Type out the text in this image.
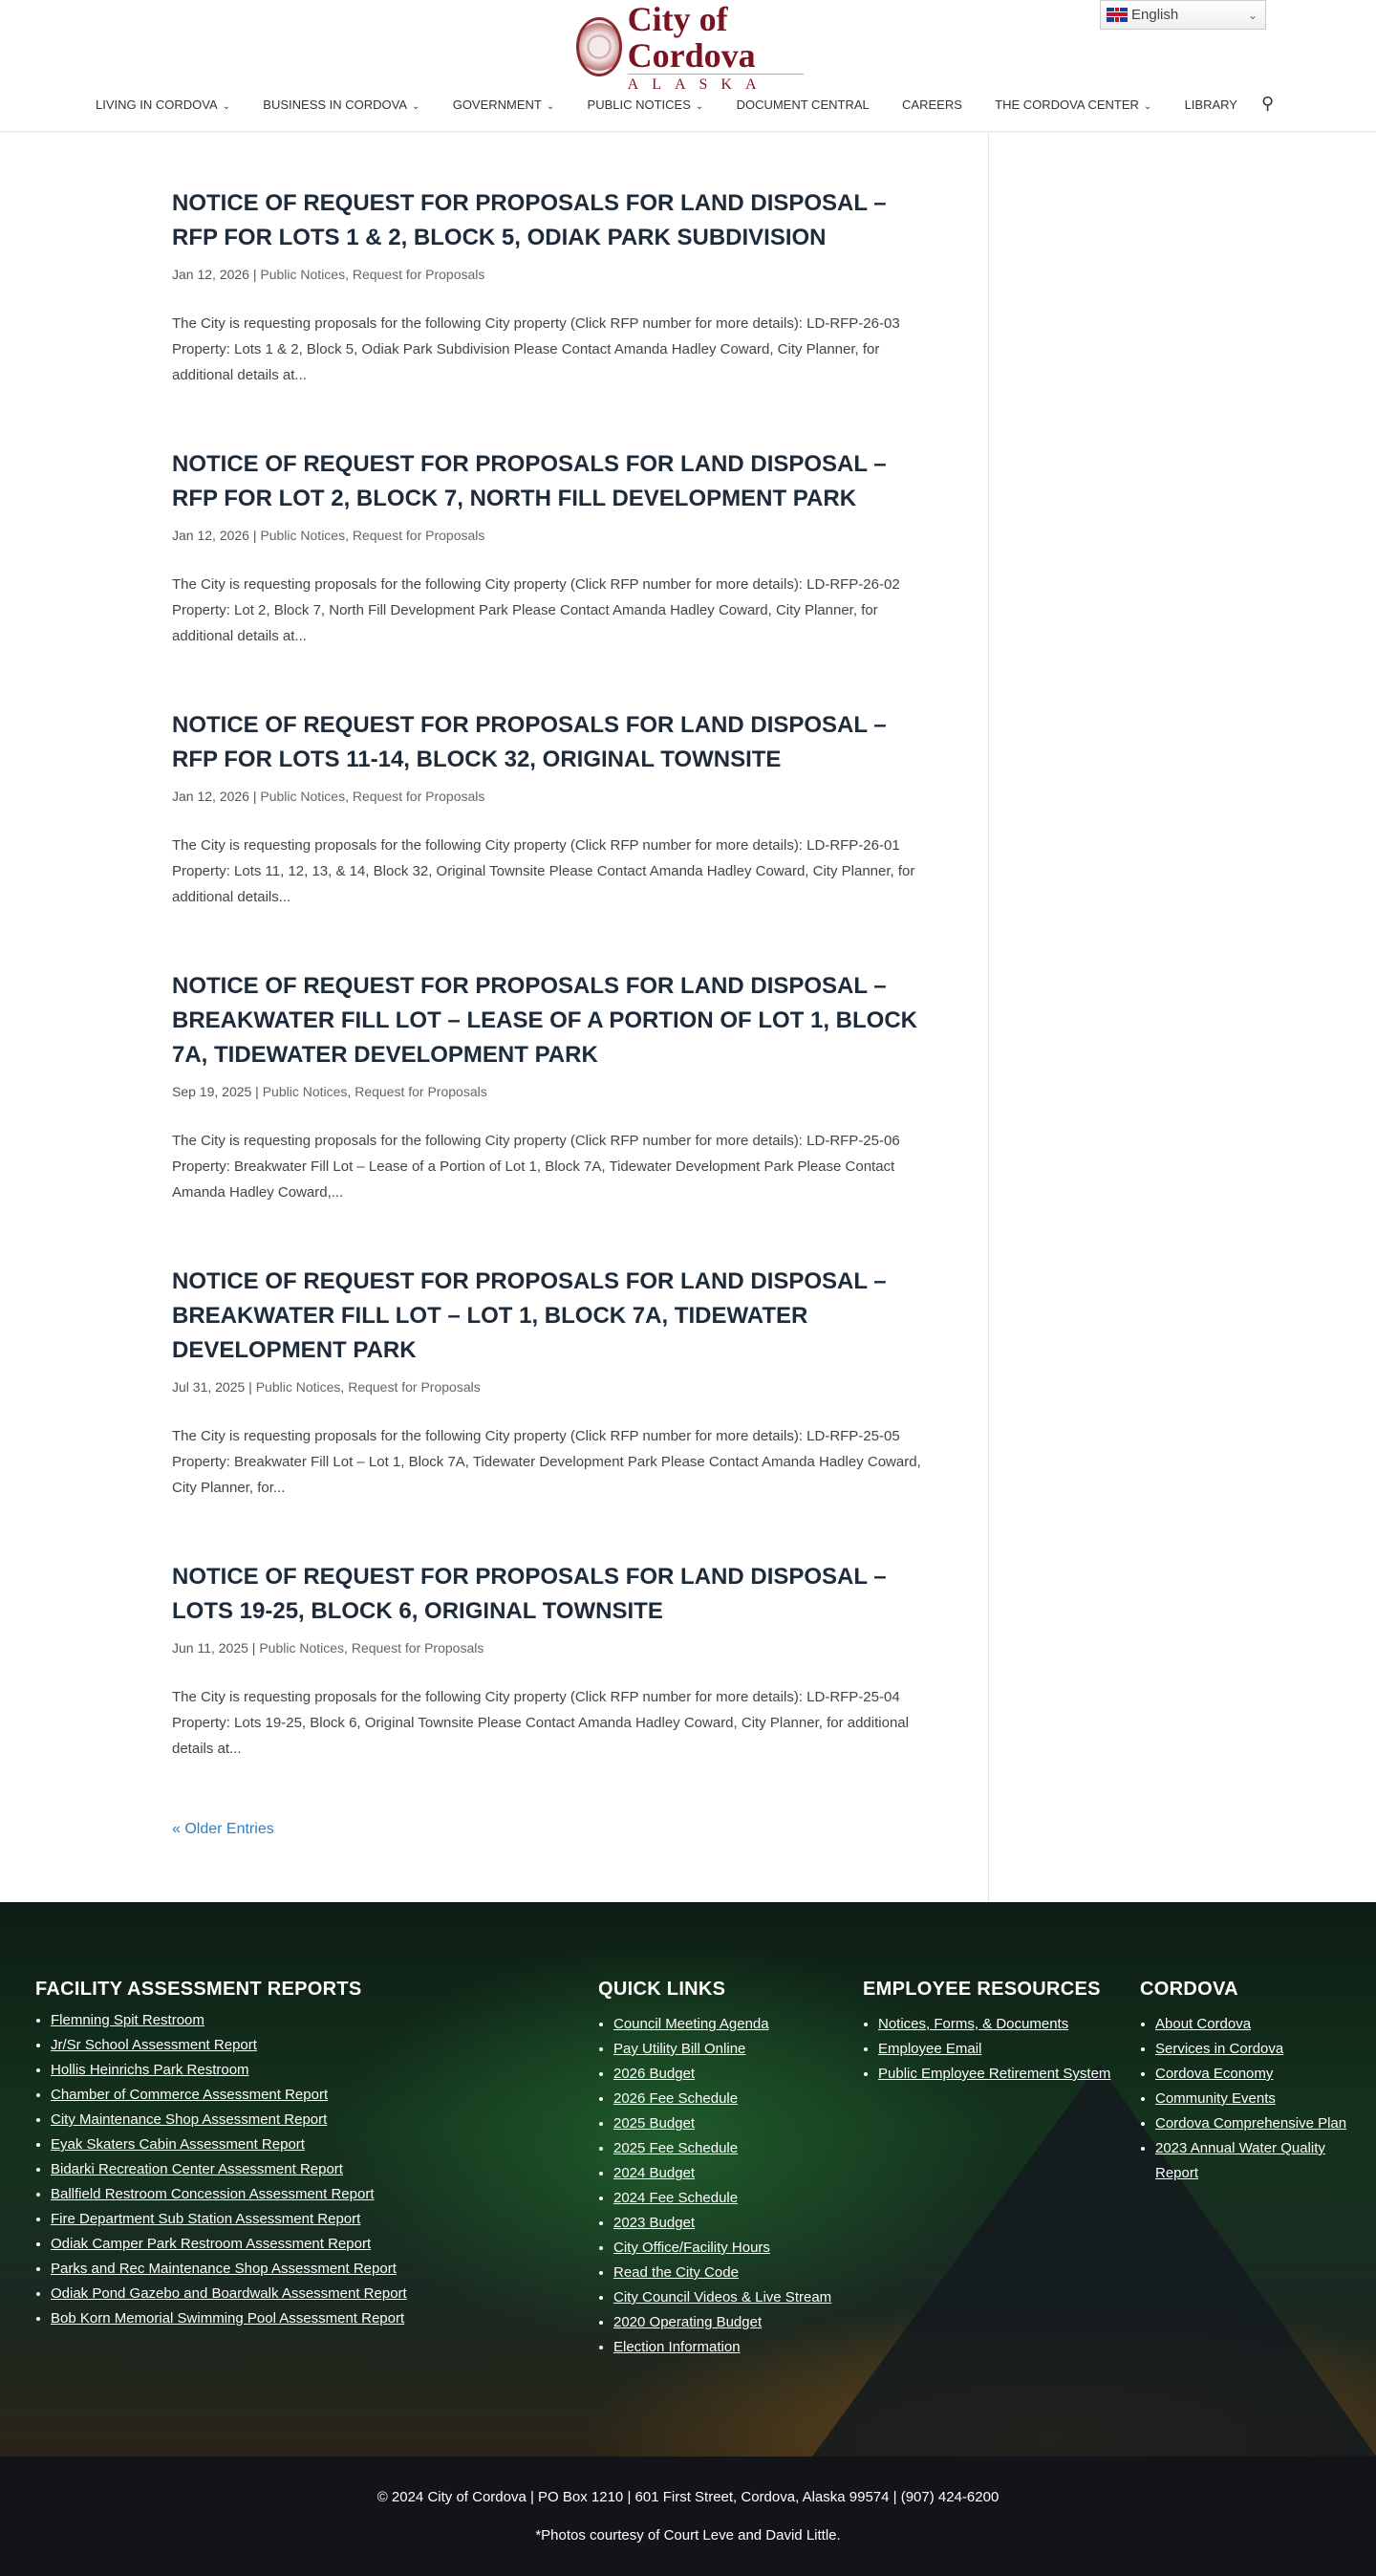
City of Cordova
ALASKA
English	⌄
LIVING IN CORDOVA ⌄	BUSINESS IN CORDOVA ⌄	GOVERNMENT ⌄	PUBLIC NOTICES ⌄	DOCUMENT CENTRAL	CAREERS	THE CORDOVA CENTER ⌄	LIBRARY ⚲
NOTICE OF REQUEST FOR PROPOSALS FOR LAND DISPOSAL – RFP FOR LOTS 1 & 2, BLOCK 5, ODIAK PARK SUBDIVISION
Jan 12, 2026 | Public Notices, Request for Proposals

The City is requesting proposals for the following City property (Click RFP number for more details): LD-RFP-26-03 Property: Lots 1 & 2, Block 5, Odiak Park Subdivision Please Contact Amanda Hadley Coward, City Planner, for additional details at...

NOTICE OF REQUEST FOR PROPOSALS FOR LAND DISPOSAL – RFP FOR LOT 2, BLOCK 7, NORTH FILL DEVELOPMENT PARK
Jan 12, 2026 | Public Notices, Request for Proposals

The City is requesting proposals for the following City property (Click RFP number for more details): LD-RFP-26-02 Property: Lot 2, Block 7, North Fill Development Park Please Contact Amanda Hadley Coward, City Planner, for additional details at...

NOTICE OF REQUEST FOR PROPOSALS FOR LAND DISPOSAL – RFP FOR LOTS 11-14, BLOCK 32, ORIGINAL TOWNSITE
Jan 12, 2026 | Public Notices, Request for Proposals

The City is requesting proposals for the following City property (Click RFP number for more details): LD-RFP-26-01 Property: Lots 11, 12, 13, & 14, Block 32, Original Townsite Please Contact Amanda Hadley Coward, City Planner, for additional details...

NOTICE OF REQUEST FOR PROPOSALS FOR LAND DISPOSAL – BREAKWATER FILL LOT – LEASE OF A PORTION OF LOT 1, BLOCK 7A, TIDEWATER DEVELOPMENT PARK
Sep 19, 2025 | Public Notices, Request for Proposals

The City is requesting proposals for the following City property (Click RFP number for more details): LD-RFP-25-06 Property: Breakwater Fill Lot – Lease of a Portion of Lot 1, Block 7A, Tidewater Development Park Please Contact Amanda Hadley Coward,...

NOTICE OF REQUEST FOR PROPOSALS FOR LAND DISPOSAL – BREAKWATER FILL LOT – LOT 1, BLOCK 7A, TIDEWATER DEVELOPMENT PARK
Jul 31, 2025 | Public Notices, Request for Proposals

The City is requesting proposals for the following City property (Click RFP number for more details): LD-RFP-25-05 Property: Breakwater Fill Lot – Lot 1, Block 7A, Tidewater Development Park Please Contact Amanda Hadley Coward, City Planner, for...

NOTICE OF REQUEST FOR PROPOSALS FOR LAND DISPOSAL – LOTS 19-25, BLOCK 6, ORIGINAL TOWNSITE
Jun 11, 2025 | Public Notices, Request for Proposals

The City is requesting proposals for the following City property (Click RFP number for more details): LD-RFP-25-04 Property: Lots 19-25, Block 6, Original Townsite Please Contact Amanda Hadley Coward, City Planner, for additional details at...

« Older Entries
FACILITY ASSESSMENT REPORTS
• Flemning Spit Restroom
• Jr/Sr School Assessment Report
• Hollis Heinrichs Park Restroom
• Chamber of Commerce Assessment Report
• City Maintenance Shop Assessment Report
• Eyak Skaters Cabin Assessment Report
• Bidarki Recreation Center Assessment Report
• Ballfield Restroom Concession Assessment Report
• Fire Department Sub Station Assessment Report
• Odiak Camper Park Restroom Assessment Report
• Parks and Rec Maintenance Shop Assessment Report
• Odiak Pond Gazebo and Boardwalk Assessment Report
• Bob Korn Memorial Swimming Pool Assessment Report
QUICK LINKS
• Council Meeting Agenda
• Pay Utility Bill Online
• 2026 Budget
• 2026 Fee Schedule
• 2025 Budget
• 2025 Fee Schedule
• 2024 Budget
• 2024 Fee Schedule
• 2023 Budget
• City Office/Facility Hours
• Read the City Code
• City Council Videos & Live Stream
• 2020 Operating Budget
• Election Information
EMPLOYEE RESOURCES
• Notices, Forms, & Documents
• Employee Email
• Public Employee Retirement System
CORDOVA
• About Cordova
• Services in Cordova
• Cordova Economy
• Community Events
• Cordova Comprehensive Plan
• 2023 Annual Water Quality Report

© 2024 City of Cordova | PO Box 1210 | 601 First Street, Cordova, Alaska 99574 | (907) 424-6200

*Photos courtesy of Court Leve and David Little.
